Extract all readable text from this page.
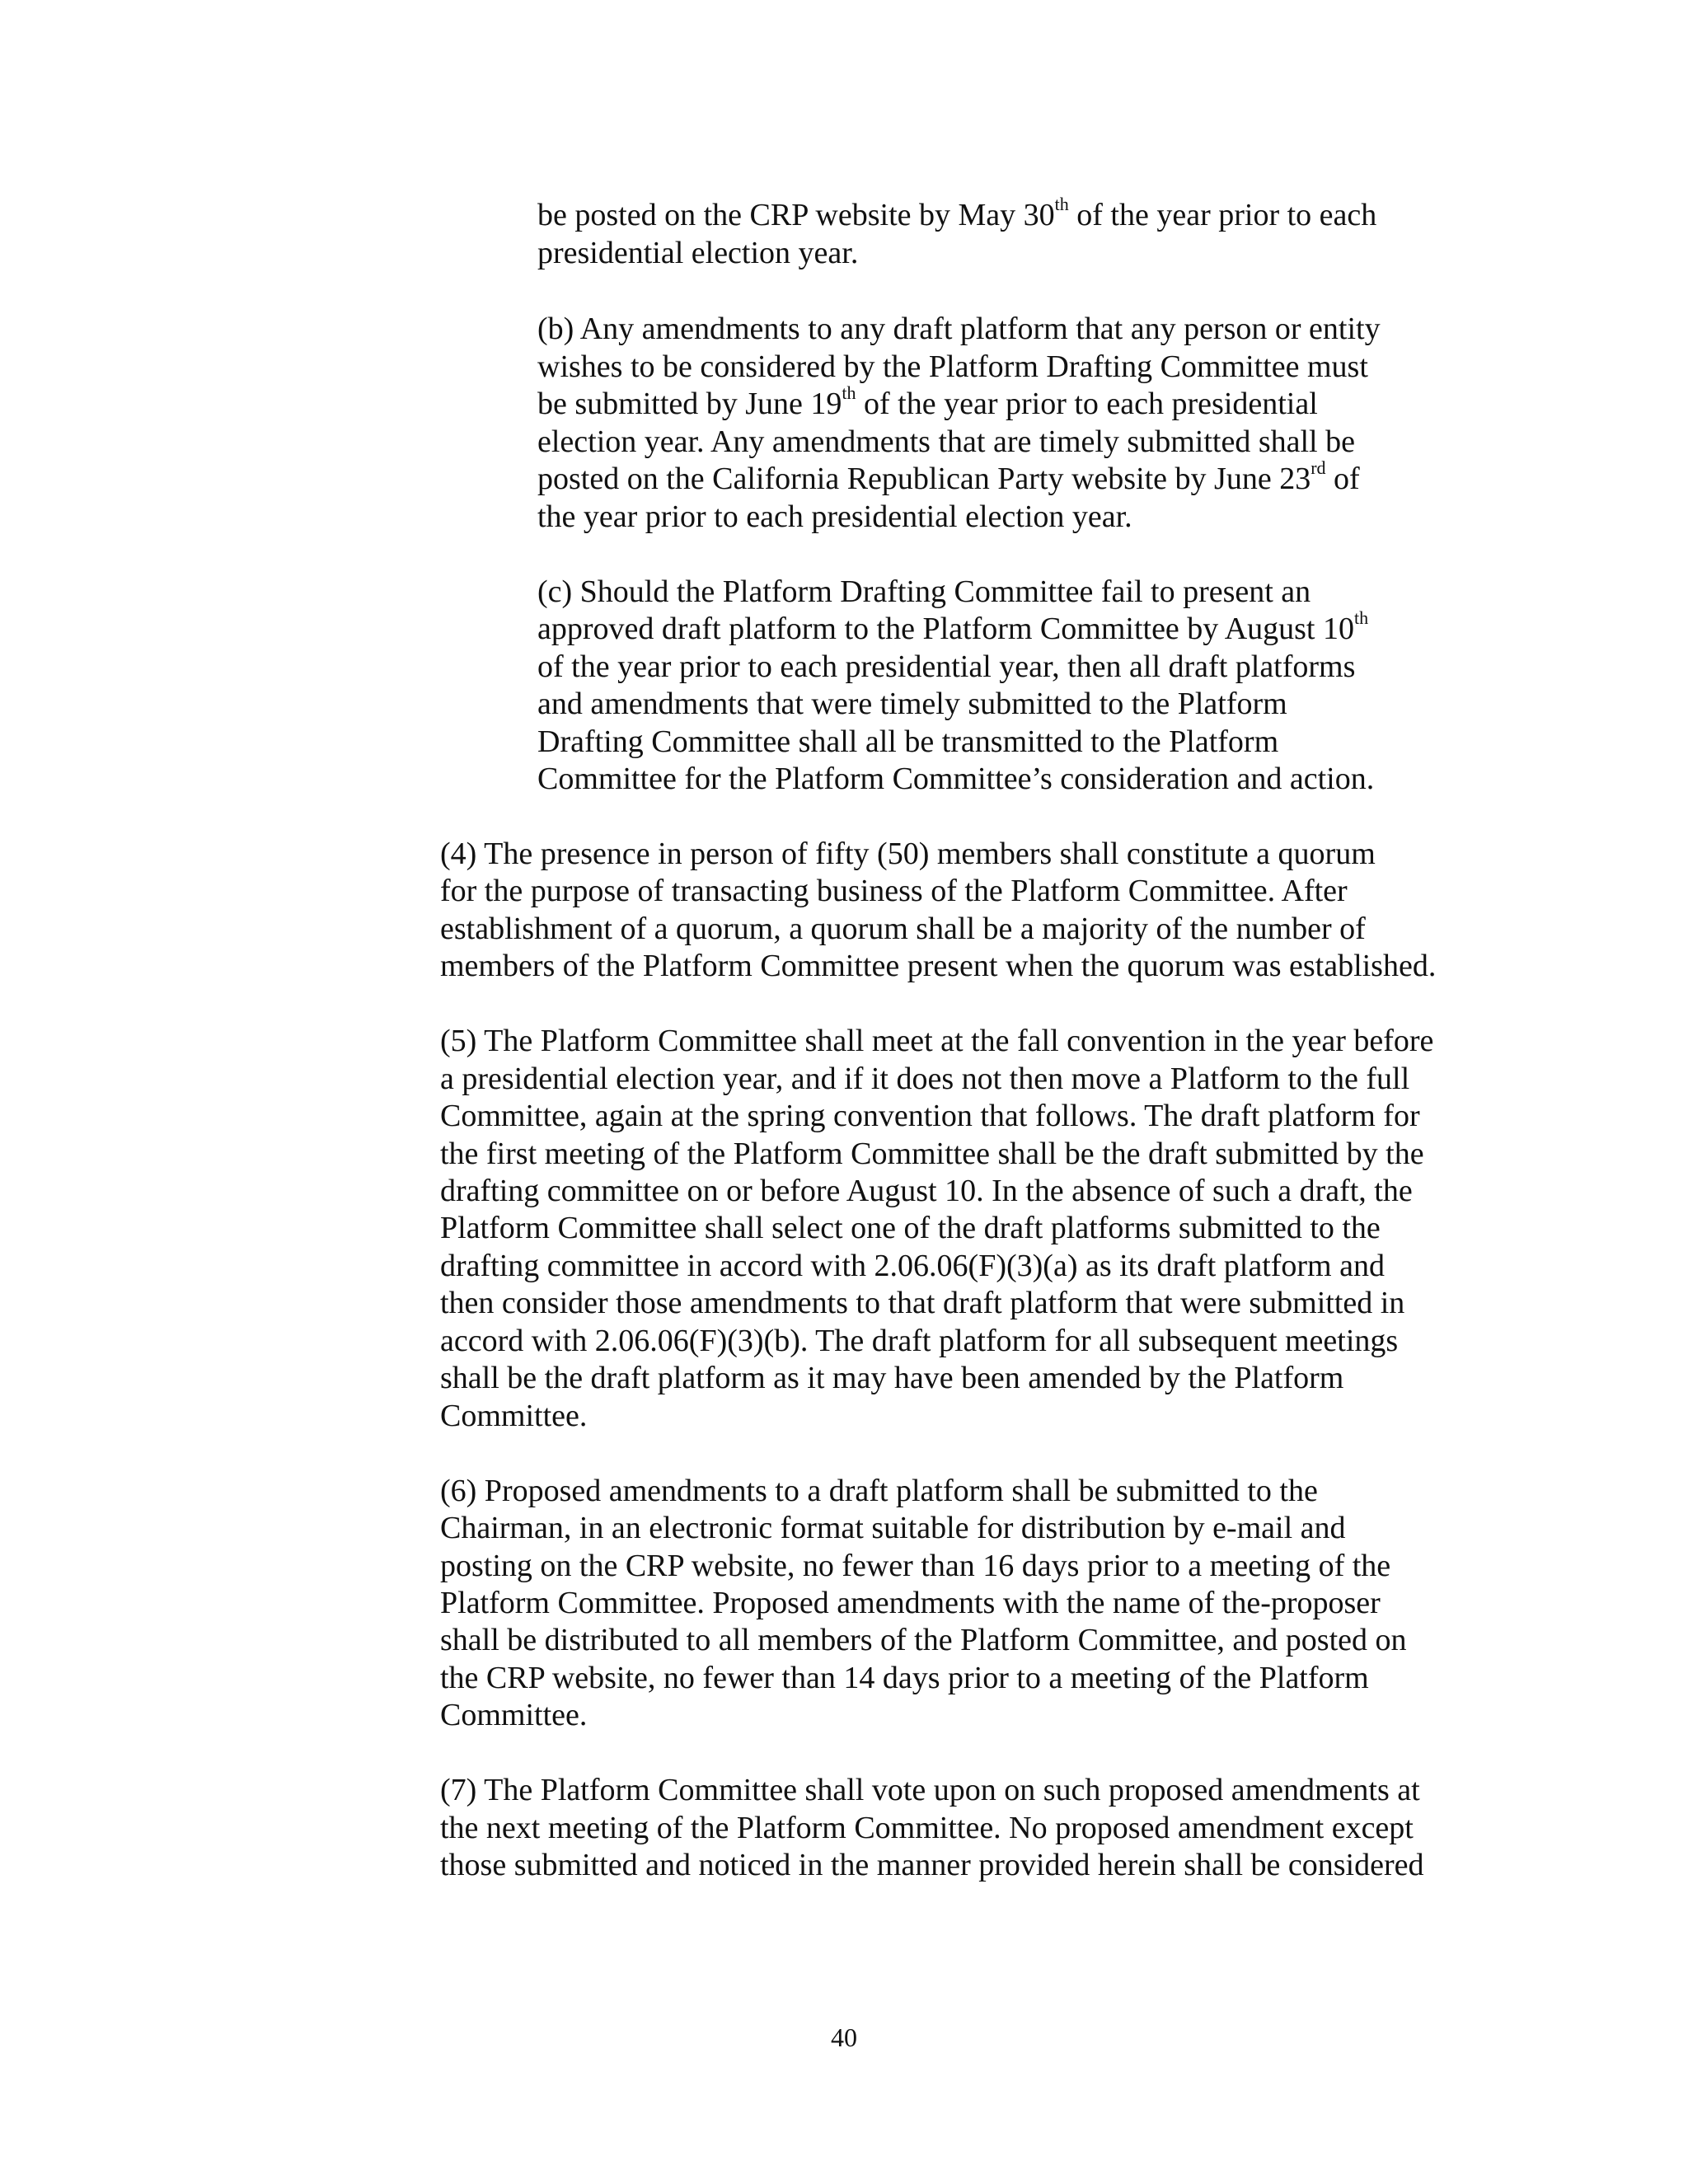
be posted on the CRP website by May 30th of the year prior to each
presidential election year.
(b) Any amendments to any draft platform that any person or entity
wishes to be considered by the Platform Drafting Committee must
be submitted by June 19th of the year prior to each presidential
election year. Any amendments that are timely submitted shall be
posted on the California Republican Party website by June 23rd of
the year prior to each presidential election year.
(c) Should the Platform Drafting Committee fail to present an
approved draft platform to the Platform Committee by August 10th
of the year prior to each presidential year, then all draft platforms
and amendments that were timely submitted to the Platform
Drafting Committee shall all be transmitted to the Platform
Committee for the Platform Committee’s consideration and action.
(4) The presence in person of fifty (50) members shall constitute a quorum
for the purpose of transacting business of the Platform Committee. After
establishment of a quorum, a quorum shall be a majority of the number of
members of the Platform Committee present when the quorum was established.
(5) The Platform Committee shall meet at the fall convention in the year before
a presidential election year, and if it does not then move a Platform to the full
Committee, again at the spring convention that follows. The draft platform for
the first meeting of the Platform Committee shall be the draft submitted by the
drafting committee on or before August 10. In the absence of such a draft, the
Platform Committee shall select one of the draft platforms submitted to the
drafting committee in accord with 2.06.06(F)(3)(a) as its draft platform and
then consider those amendments to that draft platform that were submitted in
accord with 2.06.06(F)(3)(b). The draft platform for all subsequent meetings
shall be the draft platform as it may have been amended by the Platform
Committee.
(6) Proposed amendments to a draft platform shall be submitted to the
Chairman, in an electronic format suitable for distribution by e-mail and
posting on the CRP website, no fewer than 16 days prior to a meeting of the
Platform Committee. Proposed amendments with the name of the-proposer
shall be distributed to all members of the Platform Committee, and posted on
the CRP website, no fewer than 14 days prior to a meeting of the Platform
Committee.
(7) The Platform Committee shall vote upon on such proposed amendments at
the next meeting of the Platform Committee. No proposed amendment except
those submitted and noticed in the manner provided herein shall be considered
40
